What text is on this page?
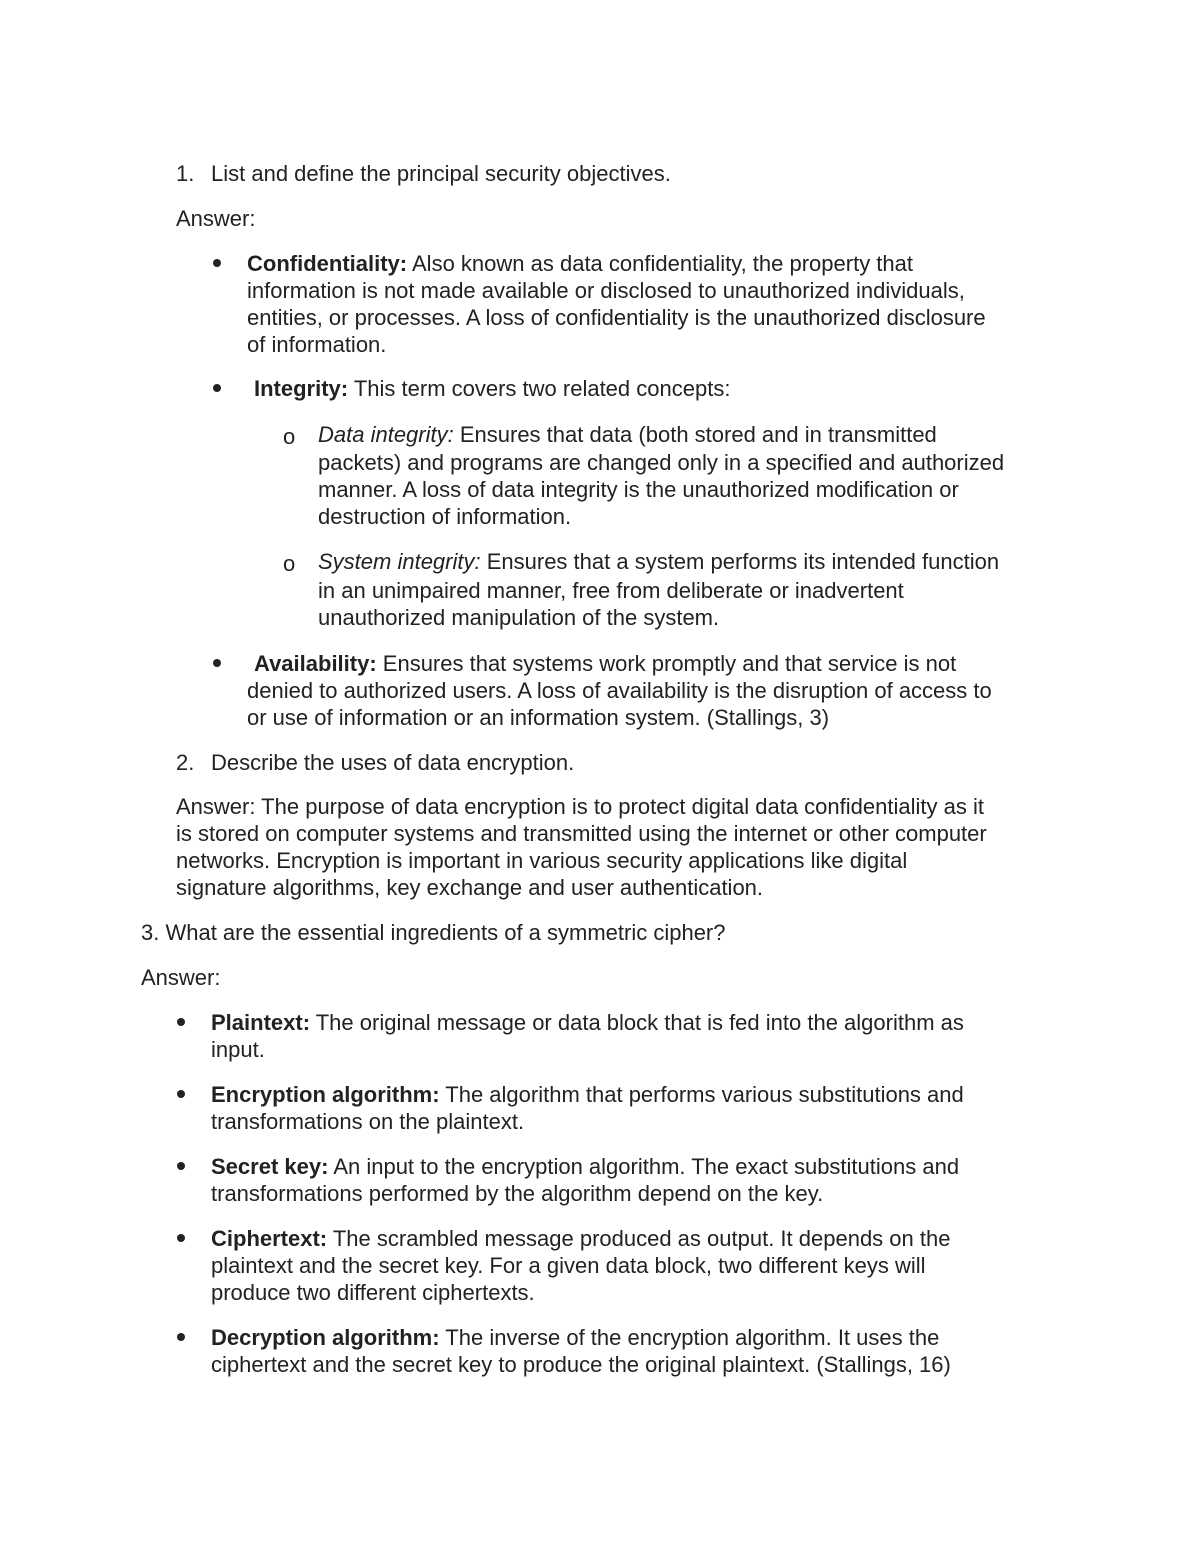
1. List and define the principal security objectives.
Answer:
Confidentiality: Also known as data confidentiality, the property that
information is not made available or disclosed to unauthorized individuals,
entities, or processes. A loss of confidentiality is the unauthorized disclosure
of information.
Integrity: This term covers two related concepts:
o Data integrity: Ensures that data (both stored and in transmitted
packets) and programs are changed only in a specified and authorized
manner. A loss of data integrity is the unauthorized modification or
destruction of information.
o System integrity: Ensures that a system performs its intended function
in an unimpaired manner, free from deliberate or inadvertent
unauthorized manipulation of the system.
Availability: Ensures that systems work promptly and that service is not
denied to authorized users. A loss of availability is the disruption of access to
or use of information or an information system. (Stallings, 3)
2. Describe the uses of data encryption.
Answer: The purpose of data encryption is to protect digital data confidentiality as it
is stored on computer systems and transmitted using the internet or other computer
networks. Encryption is important in various security applications like digital
signature algorithms, key exchange and user authentication.
3. What are the essential ingredients of a symmetric cipher?
Answer:
Plaintext: The original message or data block that is fed into the algorithm as
input.
Encryption algorithm: The algorithm that performs various substitutions and
transformations on the plaintext.
Secret key: An input to the encryption algorithm. The exact substitutions and
transformations performed by the algorithm depend on the key.
Ciphertext: The scrambled message produced as output. It depends on the
plaintext and the secret key. For a given data block, two different keys will
produce two different ciphertexts.
Decryption algorithm: The inverse of the encryption algorithm. It uses the
ciphertext and the secret key to produce the original plaintext. (Stallings, 16)
